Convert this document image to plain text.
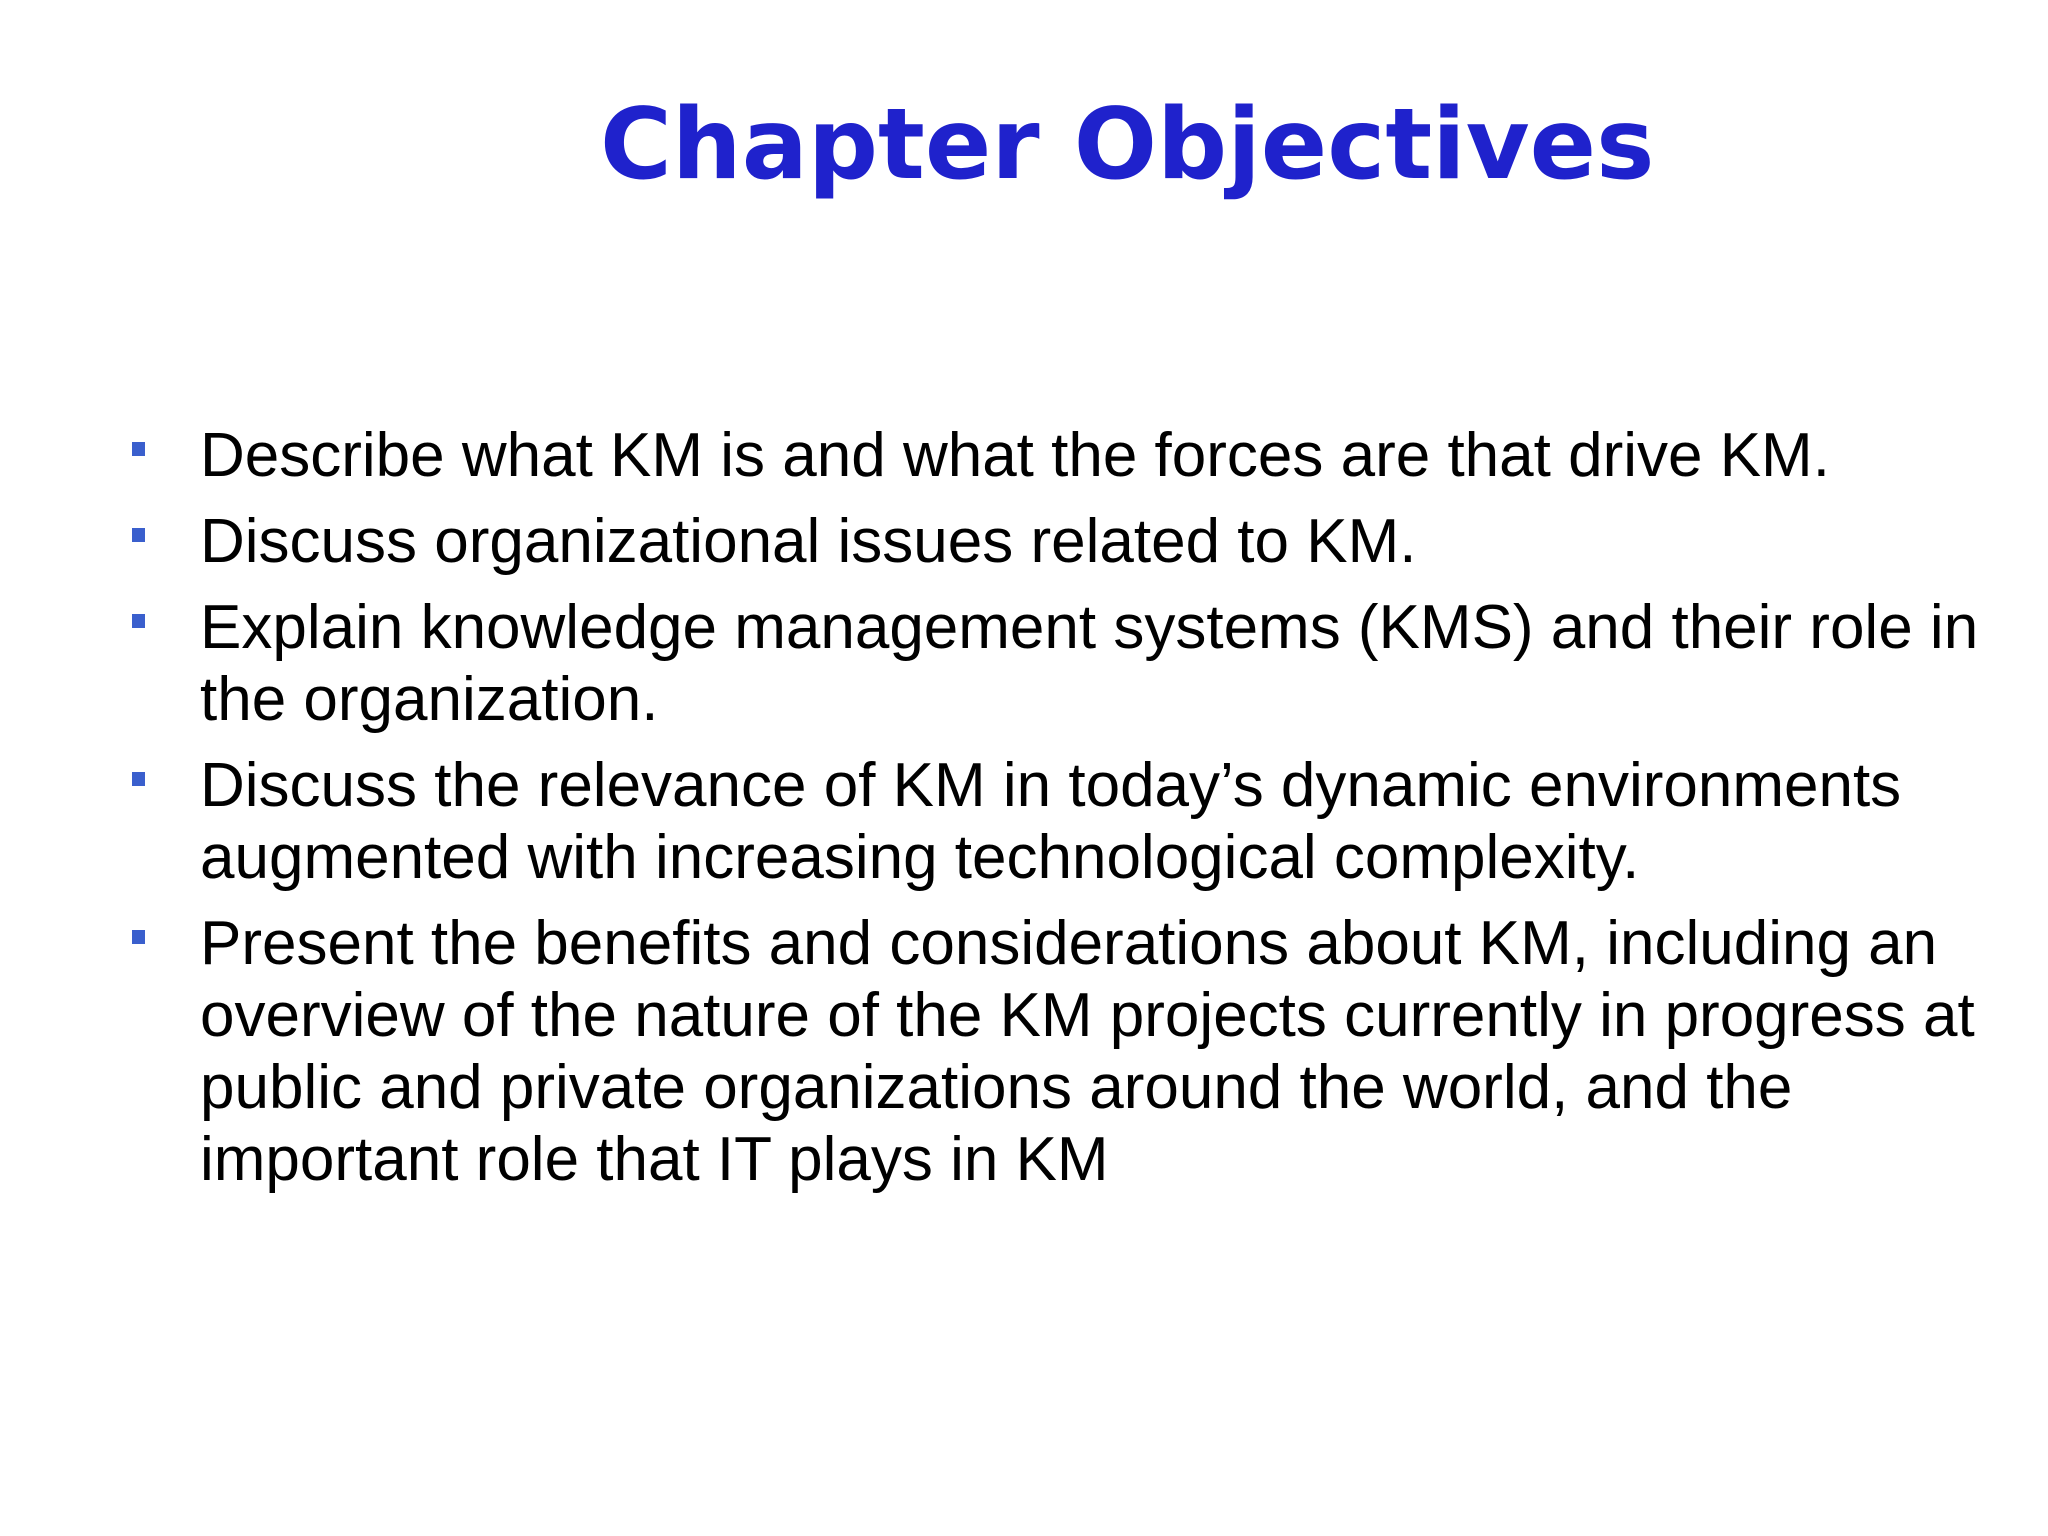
Chapter Objectives
Describe what KM is and what the forces are that drive KM.
Discuss organizational issues related to KM.
Explain knowledge management systems (KMS) and their role in the organization.
Discuss the relevance of KM in today’s dynamic environments augmented with increasing technological complexity.
Present the benefits and considerations about KM, including an overview of the nature of the KM projects currently in progress at public and private organizations around the world, and the important role that IT plays in KM
